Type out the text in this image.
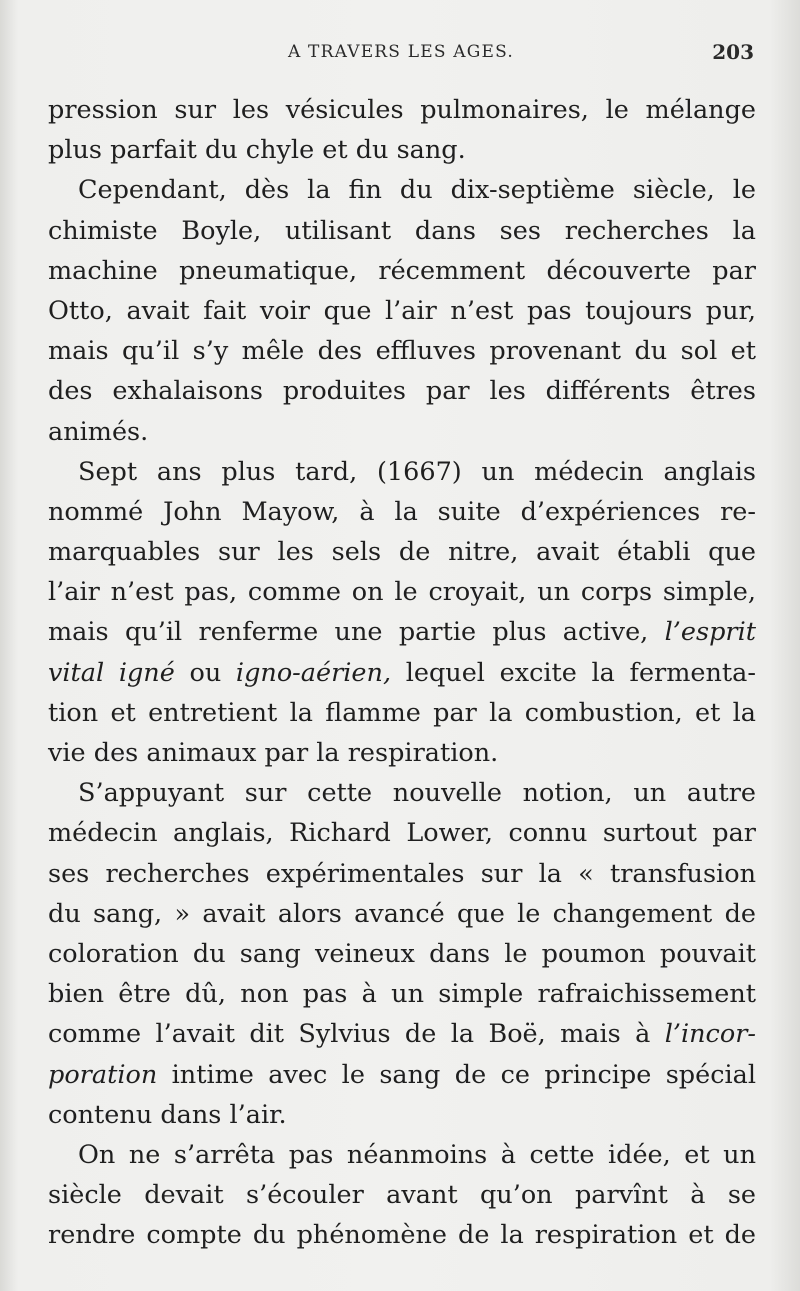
A TRAVERS LES AGES.	203
pression sur les vésicules pulmonaires, le mélange
plus parfait du chyle et du sang.
Cependant, dès la fin du dix-septième siècle, le
chimiste Boyle, utilisant dans ses recherches la
machine pneumatique, récemment découverte par
Otto, avait fait voir que l’air n’est pas toujours pur,
mais qu’il s’y mêle des effluves provenant du sol et
des exhalaisons produites par les différents êtres
animés.
Sept ans plus tard, (1667) un médecin anglais
nommé John Mayow, à la suite d’expériences re-
marquables sur les sels de nitre, avait établi que
l’air n’est pas, comme on le croyait, un corps simple,
mais qu’il renferme une partie plus active, l’esprit
vital igné ou igno-aérien, lequel excite la fermenta-
tion et entretient la flamme par la combustion, et la
vie des animaux par la respiration.
S’appuyant sur cette nouvelle notion, un autre
médecin anglais, Richard Lower, connu surtout par
ses recherches expérimentales sur la « transfusion
du sang, » avait alors avancé que le changement de
coloration du sang veineux dans le poumon pouvait
bien être dû, non pas à un simple rafraichissement
comme l’avait dit Sylvius de la Boë, mais à l’incor-
poration intime avec le sang de ce principe spécial
contenu dans l’air.
On ne s’arrêta pas néanmoins à cette idée, et un
siècle devait s’écouler avant qu’on parvînt à se
rendre compte du phénomène de la respiration et de
